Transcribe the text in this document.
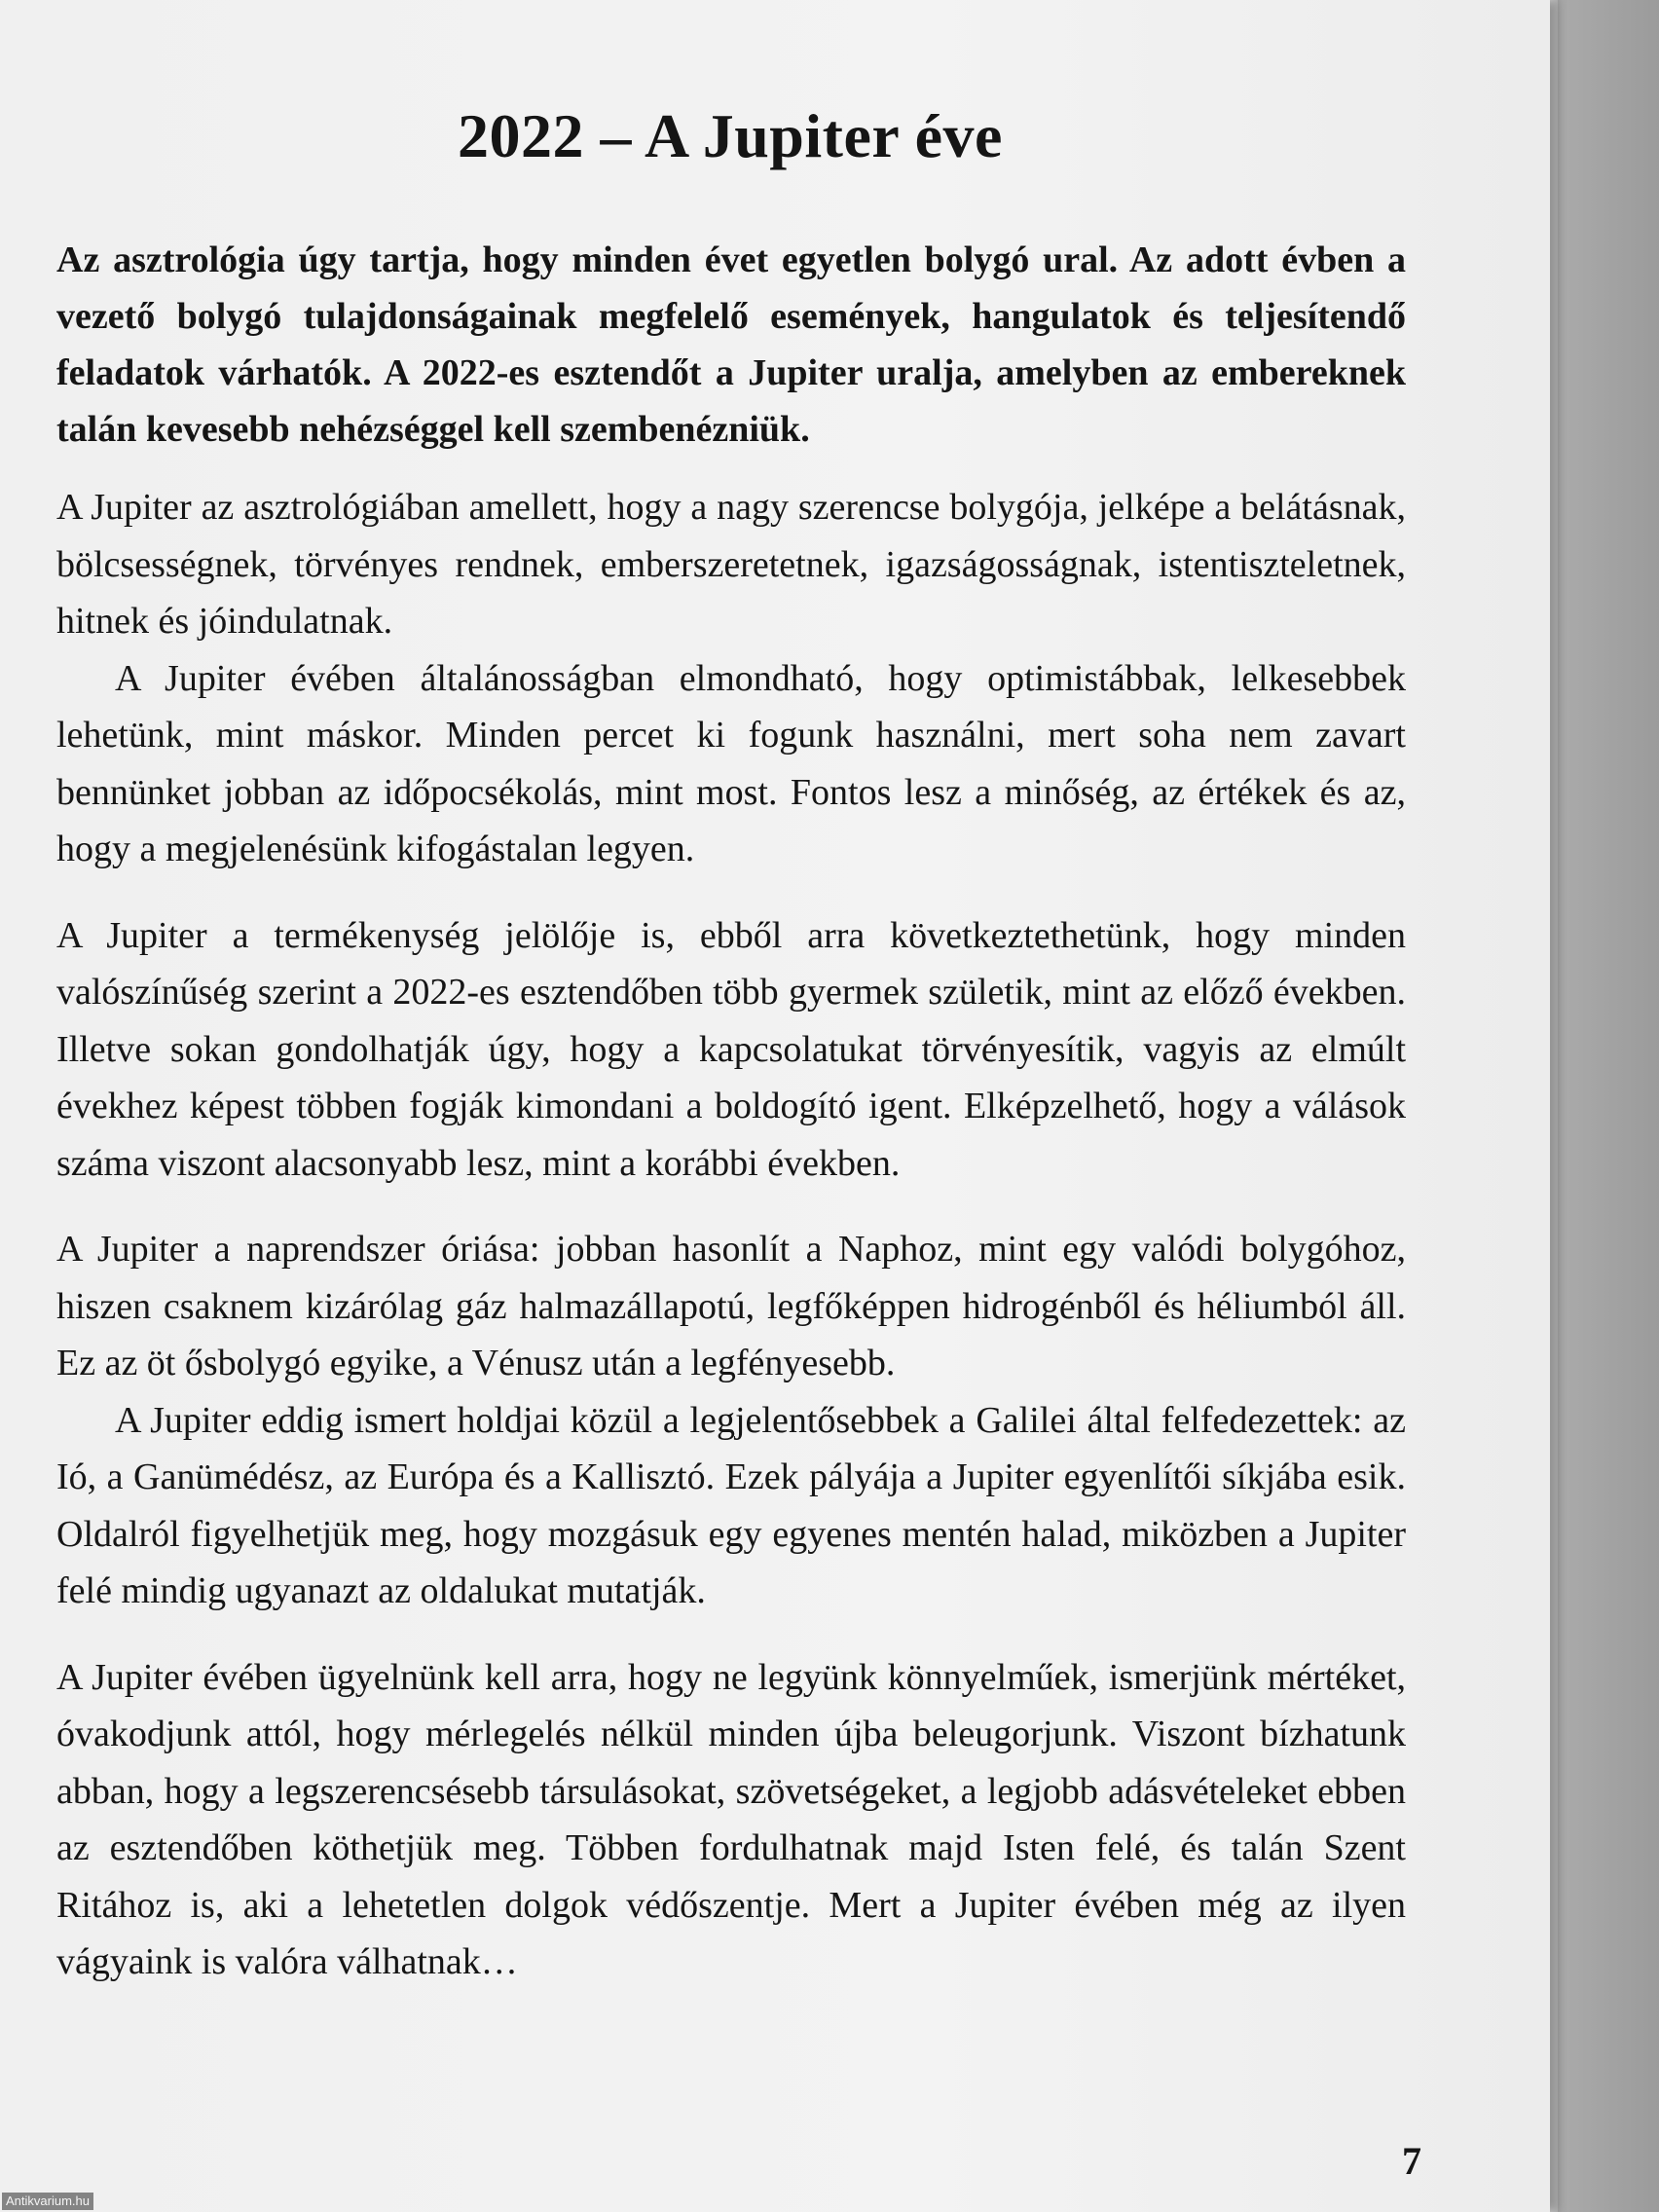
2022 – A Jupiter éve

Az asztrológia úgy tartja, hogy minden évet egyetlen bolygó ural. Az adott évben a vezető bolygó tulajdonságainak megfelelő események, hangulatok és teljesítendő feladatok várhatók. A 2022-es esztendőt a Jupiter uralja, amelyben az embereknek talán kevesebb nehézséggel kell szembenézniük.

A Jupiter az asztrológiában amellett, hogy a nagy szerencse bolygója, jelképe a belátásnak, bölcsességnek, törvényes rendnek, emberszeretetnek, igazságosságnak, istentiszteletnek, hitnek és jóindulatnak.

A Jupiter évében általánosságban elmondható, hogy optimistábbak, lelkesebbek lehetünk, mint máskor. Minden percet ki fogunk használni, mert soha nem zavart bennünket jobban az időpocsékolás, mint most. Fontos lesz a minőség, az értékek és az, hogy a megjelenésünk kifogástalan legyen.

A Jupiter a termékenység jelölője is, ebből arra következtethetünk, hogy minden valószínűség szerint a 2022-es esztendőben több gyermek születik, mint az előző években. Illetve sokan gondolhatják úgy, hogy a kapcsolatukat törvényesítik, vagyis az elmúlt évekhez képest többen fogják kimondani a boldogító igent. Elképzelhető, hogy a válások száma viszont alacsonyabb lesz, mint a korábbi években.

A Jupiter a naprendszer óriása: jobban hasonlít a Naphoz, mint egy valódi bolygóhoz, hiszen csaknem kizárólag gáz halmazállapotú, legfőképpen hidrogénből és héliumból áll. Ez az öt ősbolygó egyike, a Vénusz után a legfényesebb.

A Jupiter eddig ismert holdjai közül a legjelentősebbek a Galilei által felfedezettek: az Ió, a Ganümédész, az Európa és a Kallisztó. Ezek pályája a Jupiter egyenlítői síkjába esik. Oldalról figyelhetjük meg, hogy mozgásuk egy egyenes mentén halad, miközben a Jupiter felé mindig ugyanazt az oldalukat mutatják.

A Jupiter évében ügyelnünk kell arra, hogy ne legyünk könnyelműek, ismerjünk mértéket, óvakodjunk attól, hogy mérlegelés nélkül minden újba beleugorjunk. Viszont bízhatunk abban, hogy a legszerencsésebb társulásokat, szövetségeket, a legjobb adásvételeket ebben az esztendőben köthetjük meg. Többen fordulhatnak majd Isten felé, és talán Szent Ritához is, aki a lehetetlen dolgok védőszentje. Mert a Jupiter évében még az ilyen vágyaink is valóra válhatnak…

7
Antikvarium.hu
